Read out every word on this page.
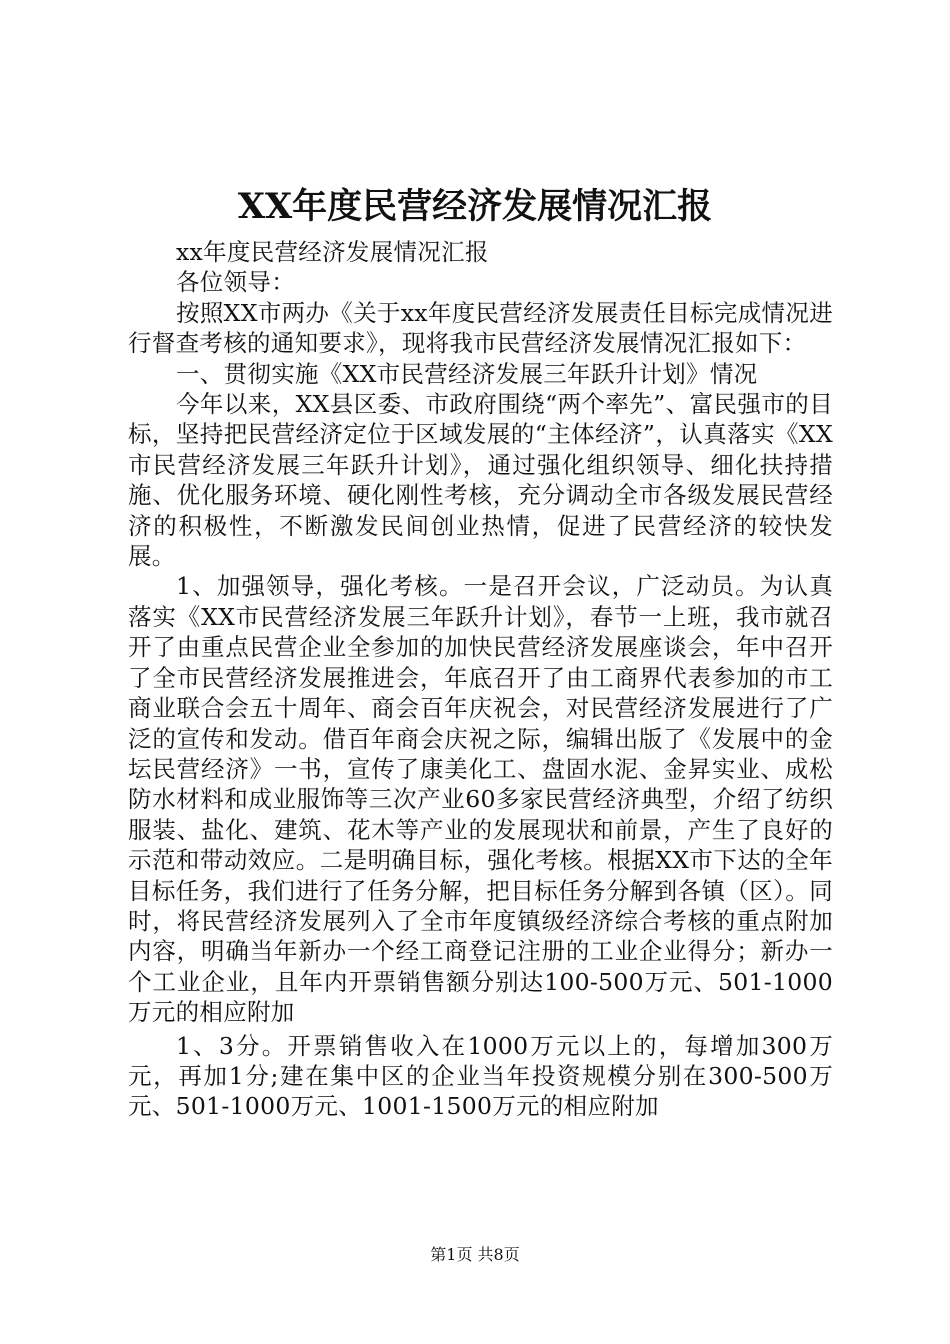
XX年度民营经济发展情况汇报

xx年度民营经济发展情况汇报

各位领导：

按照XX市两办《关于xx年度民营经济发展责任目标完成情况进行督查考核的通知要求》，现将我市民营经济发展情况汇报如下：

一、贯彻实施《XX市民营经济发展三年跃升计划》情况

今年以来，XX县区委、市政府围绕“两个率先”、富民强市的目标，坚持把民营经济定位于区域发展的“主体经济”，认真落实《XX市民营经济发展三年跃升计划》，通过强化组织领导、细化扶持措施、优化服务环境、硬化刚性考核，充分调动全市各级发展民营经济的积极性，不断激发民间创业热情，促进了民营经济的较快发展。

1、加强领导，强化考核。一是召开会议，广泛动员。为认真落实《XX市民营经济发展三年跃升计划》，春节一上班，我市就召开了由重点民营企业全参加的加快民营经济发展座谈会，年中召开了全市民营经济发展推进会，年底召开了由工商界代表参加的市工商业联合会五十周年、商会百年庆祝会，对民营经济发展进行了广泛的宣传和发动。借百年商会庆祝之际，编辑出版了《发展中的金坛民营经济》一书，宣传了康美化工、盘固水泥、金昇实业、成松防水材料和成业服饰等三次产业60多家民营经济典型，介绍了纺织服装、盐化、建筑、花木等产业的发展现状和前景，产生了良好的示范和带动效应。二是明确目标，强化考核。根据XX市下达的全年目标任务，我们进行了任务分解，把目标任务分解到各镇（区）。同时，将民营经济发展列入了全市年度镇级经济综合考核的重点附加内容，明确当年新办一个经工商登记注册的工业企业得分；新办一个工业企业，且年内开票销售额分别达100-500万元、501-1000万元的相应附加

1、3分。开票销售收入在1000万元以上的，每增加300万元，再加1分;建在集中区的企业当年投资规模分别在300-500万元、501-1000万元、1001-1500万元的相应附加

第1页 共8页
